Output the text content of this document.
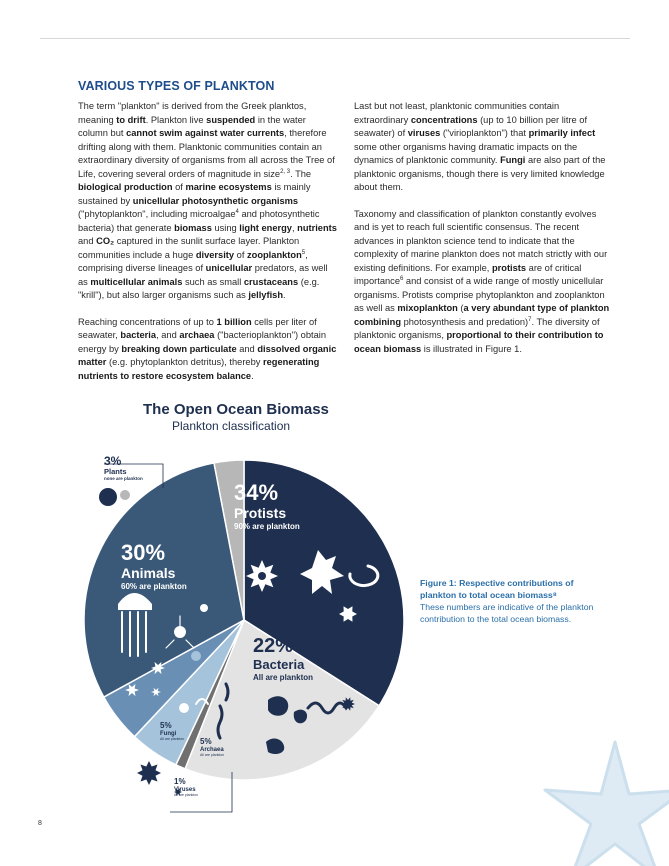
VARIOUS TYPES OF PLANKTON

The term "plankton" is derived from the Greek planktos, meaning to drift. Plankton live suspended in the water column but cannot swim against water currents, therefore drifting along with them. Planktonic communities contain an extraordinary diversity of organisms from all across the Tree of Life, covering several orders of magnitude in size$^{2, 3}$. The biological production of marine ecosystems is mainly sustained by unicellular photosynthetic organisms ("phytoplankton", including microalgae$^4$ and photosynthetic bacteria) that generate biomass using light energy, nutrients and CO₂ captured in the sunlit surface layer. Plankton communities include a huge diversity of zooplankton$^5$, comprising diverse lineages of unicellular predators, as well as multicellular animals such as small crustaceans (e.g. "krill"), but also larger organisms such as jellyfish.

Reaching concentrations of up to 1 billion cells per liter of seawater, bacteria, and archaea ("bacterioplankton") obtain energy by breaking down particulate and dissolved organic matter (e.g. phytoplankton detritus), thereby regenerating nutrients to restore ecosystem balance.

Last but not least, planktonic communities contain extraordinary concentrations (up to 10 billion per litre of seawater) of viruses ("virioplankton") that primarily infect some other organisms having dramatic impacts on the dynamics of planktonic community. Fungi are also part of the planktonic organisms, though there is very limited knowledge about them.

Taxonomy and classification of plankton constantly evolves and is yet to reach full scientific consensus. The recent advances in plankton science tend to indicate that the complexity of marine plankton does not match strictly with our existing definitions. For example, protists are of critical importance$^6$ and consist of a wide range of mostly unicellular organisms. Protists comprise phytoplankton and zooplankton as well as mixoplankton (a very abundant type of plankton combining photosynthesis and predation)$^7$. The diversity of planktonic organisms, proportional to their contribution to ocean biomass is illustrated in Figure 1.

The Open Ocean Biomass
Plankton classification
34%
Protists
90% are plankton
22%
Bacteria
All are plankton
30%
Animals
60% are plankton
5%
Fungi
All are plankton 5%
Archaea
All are plankton
3%
Plants
none are plankton
1%
Viruses
All are plankton
Figure 1: Respective contributions of plankton to total ocean biomass⁸
These numbers are indicative of the plankton contribution to the total ocean biomass.
8
